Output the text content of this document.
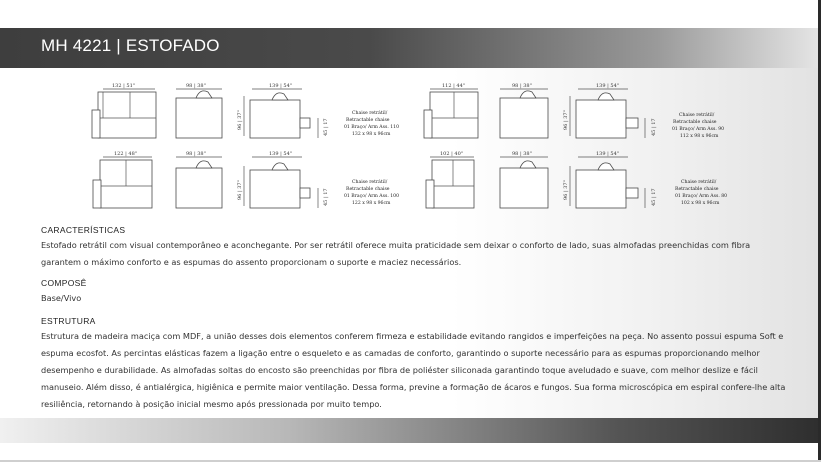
MH 4221 | ESTOFADO
132 | 51"	98 | 38"	139 | 54"
96 | 37"	45 | 17
Chaise retrátil/
Retractable chaise
01 Braço/ Arm Ass. 110
132 x 98 x 96cm
112 | 44"	98 | 38"	139 | 54"
96 | 37"	45 | 17
Chaise retrátil/
Retractable chaise
01 Braço/ Arm Ass. 90
112 x 98 x 96cm
122 | 48"	98 | 38"	139 | 54"
96 | 37"	45 | 17
Chaise retrátil/
Retractable chaise
01 Braço/ Arm Ass. 100
122 x 98 x 96cm
102 | 40"	98 | 38"	139 | 54"
96 | 37"	45 | 17
Chaise retrátil/
Retractable chaise
01 Braço/ Arm Ass. 80
102 x 98 x 96cm
CARACTERÍSTICAS
Estofado retrátil com visual contemporâneo e aconchegante. Por ser retrátil oferece muita praticidade sem deixar o conforto de lado, suas almofadas preenchidas com fibra
garantem o máximo conforto e as espumas do assento proporcionam o suporte e maciez necessários.
COMPOSÊ
Base/Vivo
ESTRUTURA
Estrutura de madeira maciça com MDF, a união desses dois elementos conferem firmeza e estabilidade evitando rangidos e imperfeições na peça. No assento possui espuma Soft e
espuma ecosfot. As percintas elásticas fazem a ligação entre o esqueleto e as camadas de conforto, garantindo o suporte necessário para as espumas proporcionando melhor
desempenho e durabilidade. As almofadas soltas do encosto são preenchidas por fibra de poliéster siliconada garantindo toque aveludado e suave, com melhor deslize e fácil
manuseio. Além disso, é antialérgica, higiênica e permite maior ventilação. Dessa forma, previne a formação de ácaros e fungos. Sua forma microscópica em espiral confere-lhe alta
resiliência, retornando à posição inicial mesmo após pressionada por muito tempo.
